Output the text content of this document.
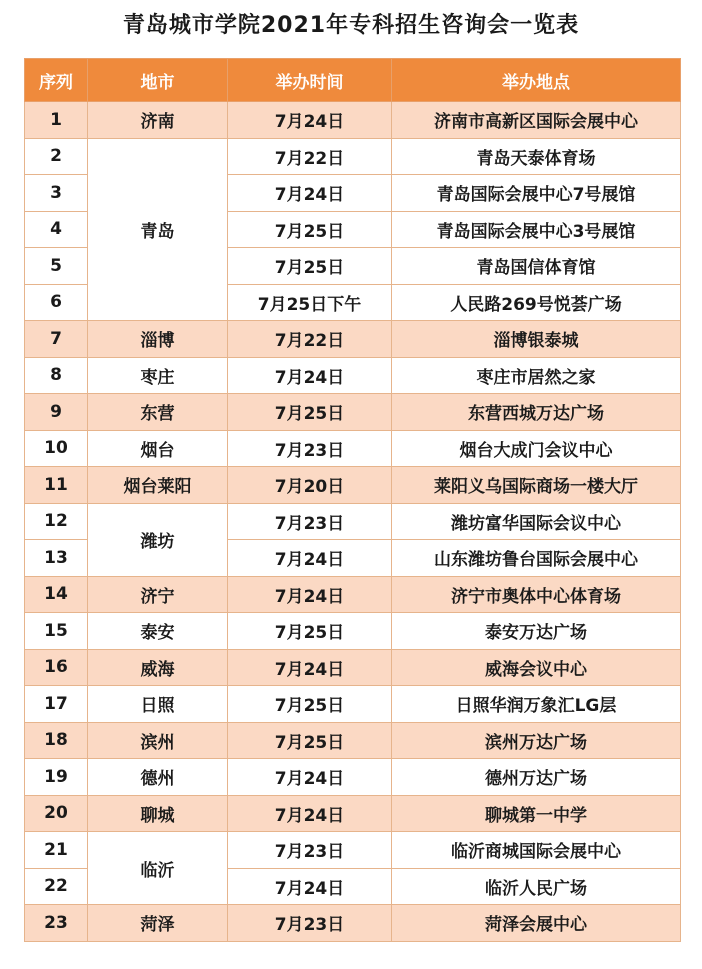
青岛城市学院2021年专科招生咨询会一览表
序列	地市	举办时间	举办地点
1	济南	7月24日	济南市高新区国际会展中心
2	青岛	7月22日	青岛天泰体育场
3		7月24日	青岛国际会展中心7号展馆
4		7月25日	青岛国际会展中心3号展馆
5		7月25日	青岛国信体育馆
6		7月25日下午	人民路269号悦荟广场
7	淄博	7月22日	淄博银泰城
8	枣庄	7月24日	枣庄市居然之家
9	东营	7月25日	东营西城万达广场
10	烟台	7月23日	烟台大成门会议中心
11	烟台莱阳	7月20日	莱阳义乌国际商场一楼大厅
12	潍坊	7月23日	潍坊富华国际会议中心
13		7月24日	山东潍坊鲁台国际会展中心
14	济宁	7月24日	济宁市奥体中心体育场
15	泰安	7月25日	泰安万达广场
16	威海	7月24日	威海会议中心
17	日照	7月25日	日照华润万象汇LG层
18	滨州	7月25日	滨州万达广场
19	德州	7月24日	德州万达广场
20	聊城	7月24日	聊城第一中学
21	临沂	7月23日	临沂商城国际会展中心
22		7月24日	临沂人民广场
23	菏泽	7月23日	菏泽会展中心
